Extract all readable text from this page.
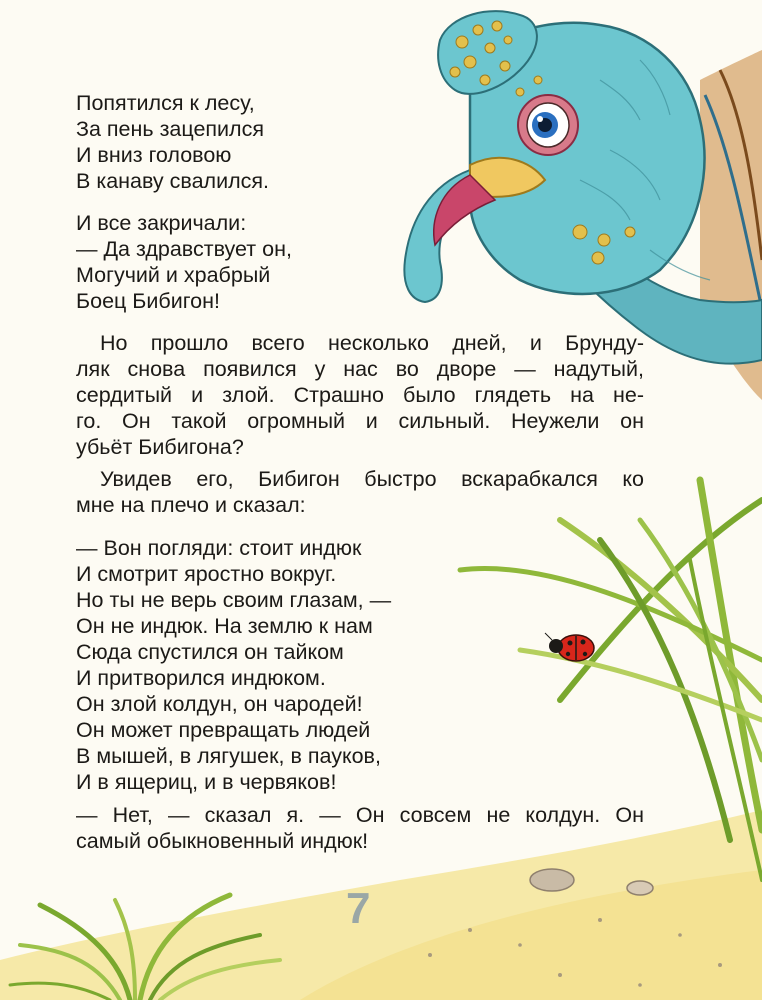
Попятился к лесу,
За пень зацепился
И вниз головою
В канаву свалился.
И все закричали:
— Да здравствует он,
Могучий и храбрый
Боец Бибигон!
Но прошло всего несколько дней, и Брунду-
ляк снова появился у нас во дворе — надутый,
сердитый и злой. Страшно было глядеть на не-
го. Он такой огромный и сильный. Неужели он
убьёт Бибигона?
Увидев его, Бибигон быстро вскарабкался ко
мне на плечо и сказал:
— Вон погляди: стоит индюк
И смотрит яростно вокруг.
Но ты не верь своим глазам, —
Он не индюк. На землю к нам
Сюда спустился он тайком
И притворился индюком.
Он злой колдун, он чародей!
Он может превращать людей
В мышей, в лягушек, в пауков,
И в ящериц, и в червяков!
— Нет, — сказал я. — Он совсем не колдун. Он
самый обыкновенный индюк!
7
